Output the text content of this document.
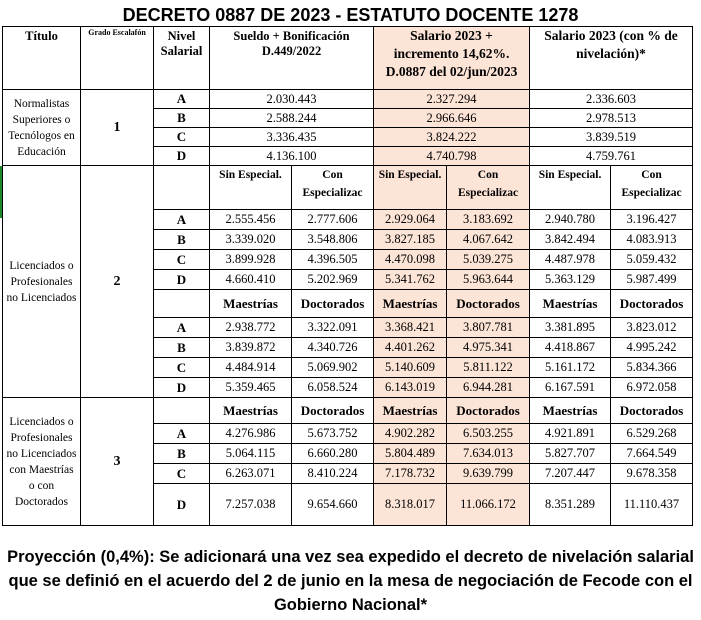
DECRETO 0887 DE 2023 - ESTATUTO DOCENTE 1278
Título	Grado Escalafón	Nivel Salarial	Sueldo + Bonificación D.449/2022		Salario 2023 + incremento 14,62%. D.0887 del 02/jun/2023		Salario 2023 (con % de nivelación)*	
Normalistas Superiores o Tecnólogos en Educación	1	A	2.030.443		2.327.294		2.336.603	
		B	2.588.244		2.966.646		2.978.513	
		C	3.336.435		3.824.222		3.839.519	
		D	4.136.100		4.740.798		4.759.761	
Licenciados o Profesionales no Licenciados	2		Sin Especial.	Con Especializac	Sin Especial.	Con Especializac	Sin Especial.	Con Especializac
		A	2.555.456	2.777.606	2.929.064	3.183.692	2.940.780	3.196.427
		B	3.339.020	3.548.806	3.827.185	4.067.642	3.842.494	4.083.913
		C	3.899.928	4.396.505	4.470.098	5.039.275	4.487.978	5.059.432
		D	4.660.410	5.202.969	5.341.762	5.963.644	5.363.129	5.987.499
			Maestrías	Doctorados	Maestrías	Doctorados	Maestrías	Doctorados
		A	2.938.772	3.322.091	3.368.421	3.807.781	3.381.895	3.823.012
		B	3.839.872	4.340.726	4.401.262	4.975.341	4.418.867	4.995.242
		C	4.484.914	5.069.902	5.140.609	5.811.122	5.161.172	5.834.366
		D	5.359.465	6.058.524	6.143.019	6.944.281	6.167.591	6.972.058
Licenciados o Profesionales no Licenciados con Maestrías o con Doctorados	3		Maestrías	Doctorados	Maestrías	Doctorados	Maestrías	Doctorados
		A	4.276.986	5.673.752	4.902.282	6.503.255	4.921.891	6.529.268
		B	5.064.115	6.660.280	5.804.489	7.634.013	5.827.707	7.664.549
		C	6.263.071	8.410.224	7.178.732	9.639.799	7.207.447	9.678.358
		D	7.257.038	9.654.660	8.318.017	11.066.172	8.351.289	11.110.437
Proyección (0,4%): Se adicionará una vez sea expedido el decreto de nivelación salarial que se definió en el acuerdo del 2 de junio en la mesa de negociación de Fecode con el Gobierno Nacional*
